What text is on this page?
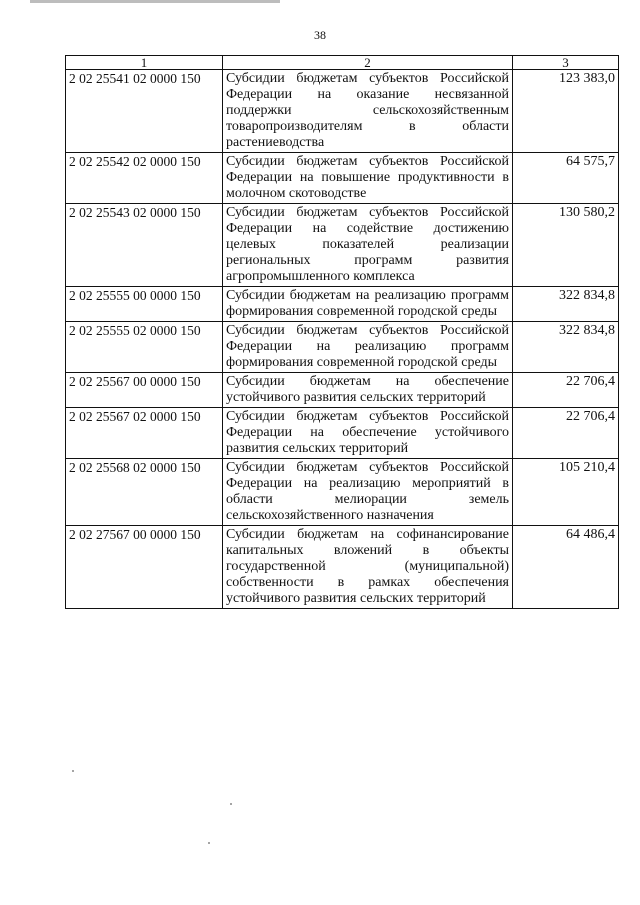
38
1	2	3
2 02 25541 02 0000 150	Субсидии бюджетам субъектов Российской Федерации на оказание несвязанной поддержки сельскохозяйственным товаропроизводителям в области растениеводства	123 383,0
2 02 25542 02 0000 150	Субсидии бюджетам субъектов Российской Федерации на повышение продуктивности в молочном скотоводстве	64 575,7
2 02 25543 02 0000 150	Субсидии бюджетам субъектов Российской Федерации на содействие достижению целевых показателей реализации региональных программ развития агропромышленного комплекса	130 580,2
2 02 25555 00 0000 150	Субсидии бюджетам на реализацию программ формирования современной городской среды	322 834,8
2 02 25555 02 0000 150	Субсидии бюджетам субъектов Российской Федерации на реализацию программ формирования современной городской среды	322 834,8
2 02 25567 00 0000 150	Субсидии бюджетам на обеспечение устойчивого развития сельских территорий	22 706,4
2 02 25567 02 0000 150	Субсидии бюджетам субъектов Российской Федерации на обеспечение устойчивого развития сельских территорий	22 706,4
2 02 25568 02 0000 150	Субсидии бюджетам субъектов Российской Федерации на реализацию мероприятий в области мелиорации земель сельскохозяйственного назначения	105 210,4
2 02 27567 00 0000 150	Субсидии бюджетам на софинансирование капитальных вложений в объекты государственной (муниципальной) собственности в рамках обеспечения устойчивого развития сельских территорий	64 486,4
